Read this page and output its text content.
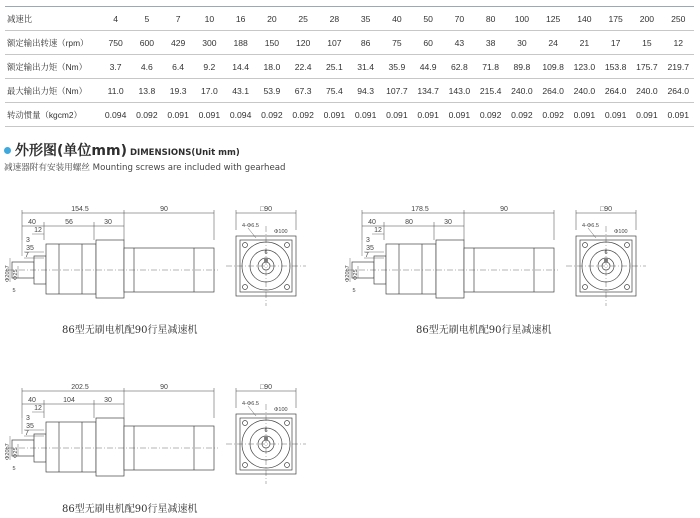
减速比	4	5	7	10	16	20	25	28	35	40	50	70	80	100	125	140	175	200	250
额定输出转速（rpm）	750	600	429	300	188	150	120	107	86	75	60	43	38	30	24	21	17	15	12
额定输出力矩（Nm）	3.7	4.6	6.4	9.2	14.4	18.0	22.4	25.1	31.4	35.9	44.9	62.8	71.8	89.8	109.8	123.0	153.8	175.7	219.7
最大输出力矩（Nm）	11.0	13.8	19.3	17.0	43.1	53.9	67.3	75.4	94.3	107.7	134.7	143.0	215.4	240.0	264.0	240.0	264.0	240.0	264.0
转动惯量（kgcm2）	0.094	0.092	0.091	0.091	0.094	0.092	0.092	0.091	0.091	0.091	0.091	0.091	0.092	0.092	0.092	0.091	0.091	0.091	0.091
外形图(单位mm) DIMENSIONS(Unit mm)
减速器附有安装用螺丝 Mounting screws are included with gearhead
154.5	90
40	56	30
12
3
35
7
Φ20h7 Φ25
5
□90
4-Φ6.5
Φ100
6
86型无刷电机配90行星减速机
178.5	90
40	80	30
12
3
35
7
Φ20h7 Φ25
5
□90
4-Φ6.5
Φ100
6
86型无刷电机配90行星减速机
202.5	90
40	104	30
12
3
35
7
Φ20h7 Φ25
5
□90
4-Φ6.5
Φ100
6
86型无刷电机配90行星减速机
